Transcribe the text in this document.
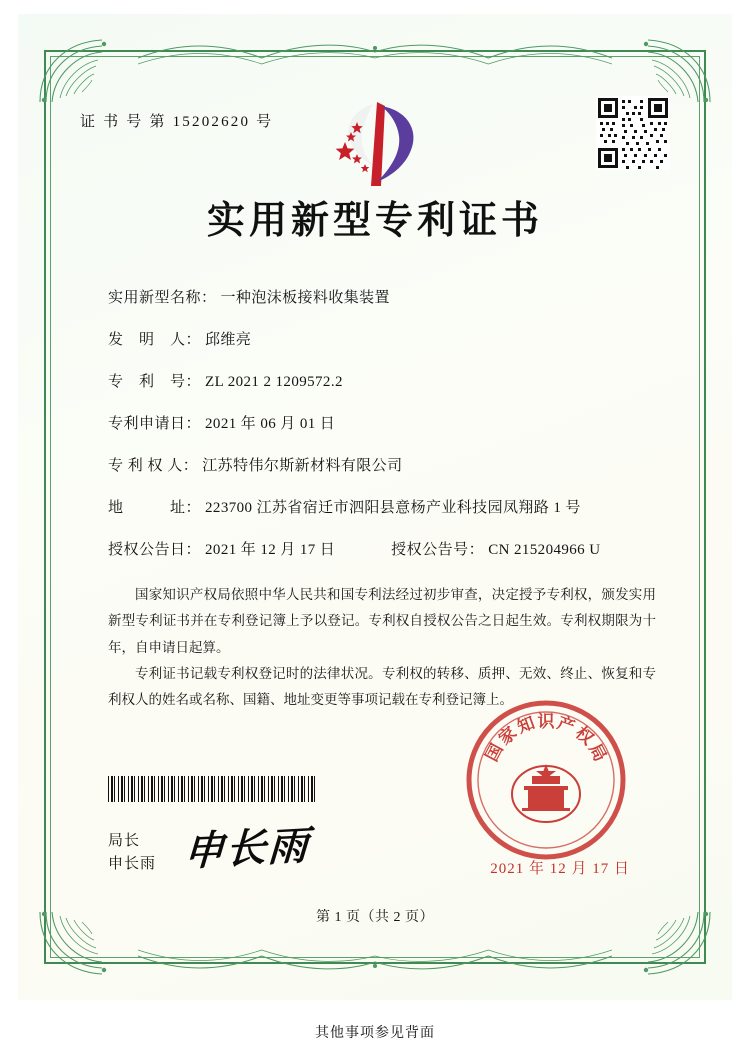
证 书 号 第 15202620 号
实用新型专利证书
实用新型名称： 一种泡沫板接料收集装置
发　明　人： 邱维亮
专　利　号： ZL 2021 2 1209572.2
专利申请日： 2021 年 06 月 01 日
专 利 权 人： 江苏特伟尔斯新材料有限公司
地　　　址： 223700 江苏省宿迁市泗阳县意杨产业科技园凤翔路 1 号
授权公告日： 2021 年 12 月 17 日	授权公告号： CN 215204966 U

国家知识产权局依照中华人民共和国专利法经过初步审查，决定授予专利权，颁发实用新型专利证书并在专利登记簿上予以登记。专利权自授权公告之日起生效。专利权期限为十年，自申请日起算。

专利证书记载专利权登记时的法律状况。专利权的转移、质押、无效、终止、恢复和专利权人的姓名或名称、国籍、地址变更等事项记载在专利登记簿上。

局长
申长雨 申长雨
国
家
知 识 产
权
局
2021 年 12 月 17 日
第 1 页（共 2 页）
其他事项参见背面
